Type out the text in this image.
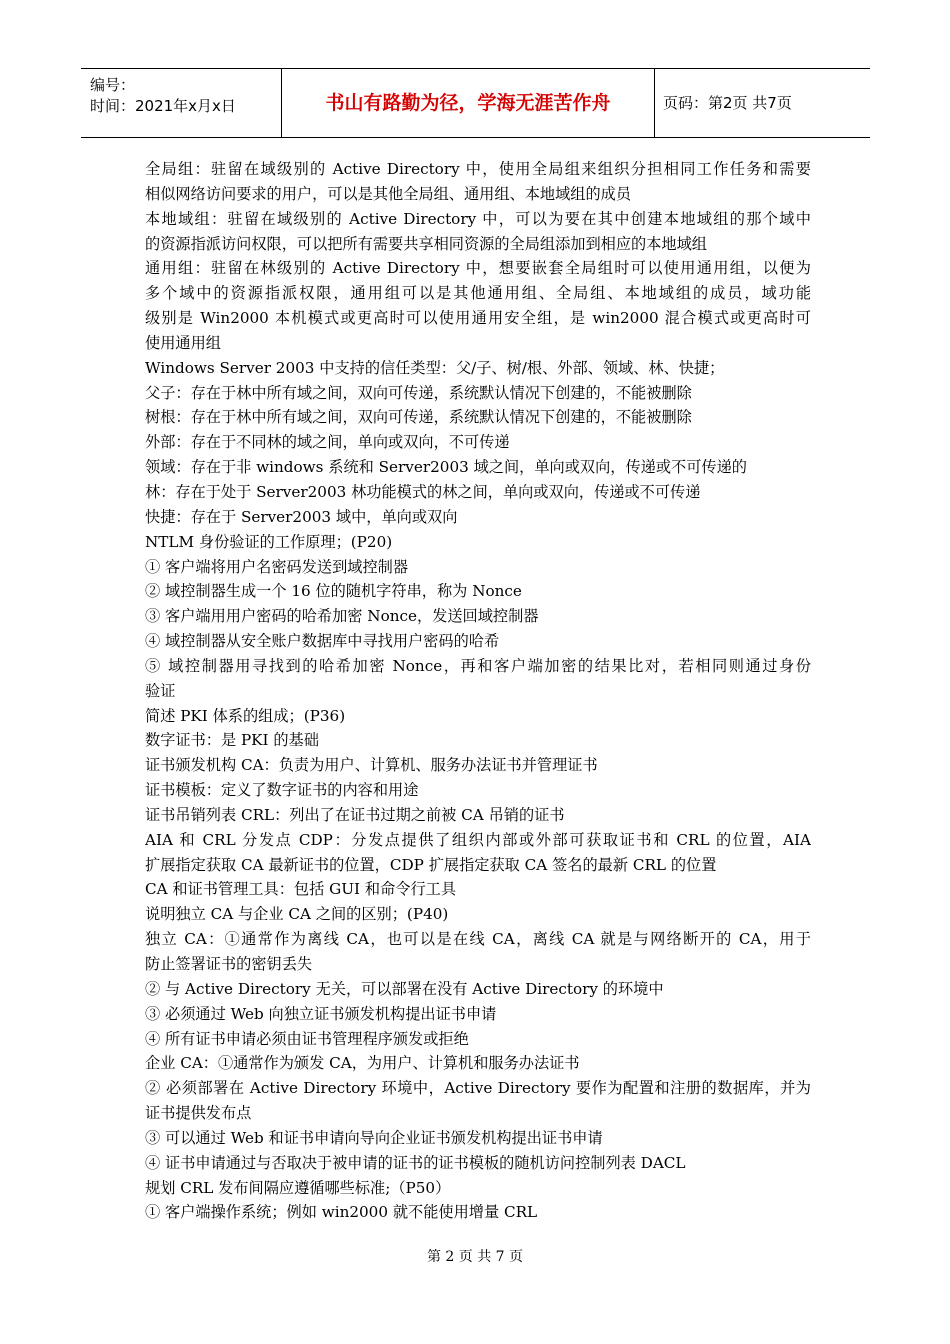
编号：
时间：2021年x月x日	书山有路勤为径，学海无涯苦作舟	页码：第2页 共7页
全局组：驻留在域级别的 Active Directory 中，使用全局组来组织分担相同工作任务和需要
相似网络访问要求的用户，可以是其他全局组、通用组、本地域组的成员
本地域组：驻留在域级别的 Active Directory 中，可以为要在其中创建本地域组的那个域中
的资源指派访问权限，可以把所有需要共享相同资源的全局组添加到相应的本地域组
通用组：驻留在林级别的 Active Directory 中，想要嵌套全局组时可以使用通用组，以便为
多个域中的资源指派权限，通用组可以是其他通用组、全局组、本地域组的成员，域功能
级别是 Win2000 本机模式或更高时可以使用通用安全组，是 win2000 混合模式或更高时可
使用通用组
Windows Server 2003 中支持的信任类型：父/子、树/根、外部、领域、林、快捷；
父子：存在于林中所有域之间，双向可传递，系统默认情况下创建的，不能被删除
树根：存在于林中所有域之间，双向可传递，系统默认情况下创建的，不能被删除
外部：存在于不同林的域之间，单向或双向，不可传递
领域：存在于非 windows 系统和 Server2003 域之间，单向或双向，传递或不可传递的
林：存在于处于 Server2003 林功能模式的林之间，单向或双向，传递或不可传递
快捷：存在于 Server2003 域中，单向或双向
NTLM 身份验证的工作原理；(P20)
① 客户端将用户名密码发送到域控制器
② 域控制器生成一个 16 位的随机字符串，称为 Nonce
③ 客户端用用户密码的哈希加密 Nonce，发送回域控制器
④ 域控制器从安全账户数据库中寻找用户密码的哈希
⑤ 域控制器用寻找到的哈希加密 Nonce，再和客户端加密的结果比对，若相同则通过身份
验证
简述 PKI 体系的组成；(P36)
数字证书：是 PKI 的基础
证书颁发机构 CA：负责为用户、计算机、服务办法证书并管理证书
证书模板：定义了数字证书的内容和用途
证书吊销列表 CRL：列出了在证书过期之前被 CA 吊销的证书
AIA 和 CRL 分发点 CDP：分发点提供了组织内部或外部可获取证书和 CRL 的位置，AIA
扩展指定获取 CA 最新证书的位置，CDP 扩展指定获取 CA 签名的最新 CRL 的位置
CA 和证书管理工具：包括 GUI 和命令行工具
说明独立 CA 与企业 CA 之间的区别；(P40)
独立 CA：①通常作为离线 CA，也可以是在线 CA，离线 CA 就是与网络断开的 CA，用于
防止签署证书的密钥丢失
② 与 Active Directory 无关，可以部署在没有 Active Directory 的环境中
③ 必须通过 Web 向独立证书颁发机构提出证书申请
④ 所有证书申请必须由证书管理程序颁发或拒绝
企业 CA：①通常作为颁发 CA，为用户、计算机和服务办法证书
② 必须部署在 Active Directory 环境中，Active Directory 要作为配置和注册的数据库，并为
证书提供发布点
③ 可以通过 Web 和证书申请向导向企业证书颁发机构提出证书申请
④ 证书申请通过与否取决于被申请的证书的证书模板的随机访问控制列表 DACL
规划 CRL 发布间隔应遵循哪些标准;（P50）
① 客户端操作系统；例如 win2000 就不能使用增量 CRL
第 2 页 共 7 页
